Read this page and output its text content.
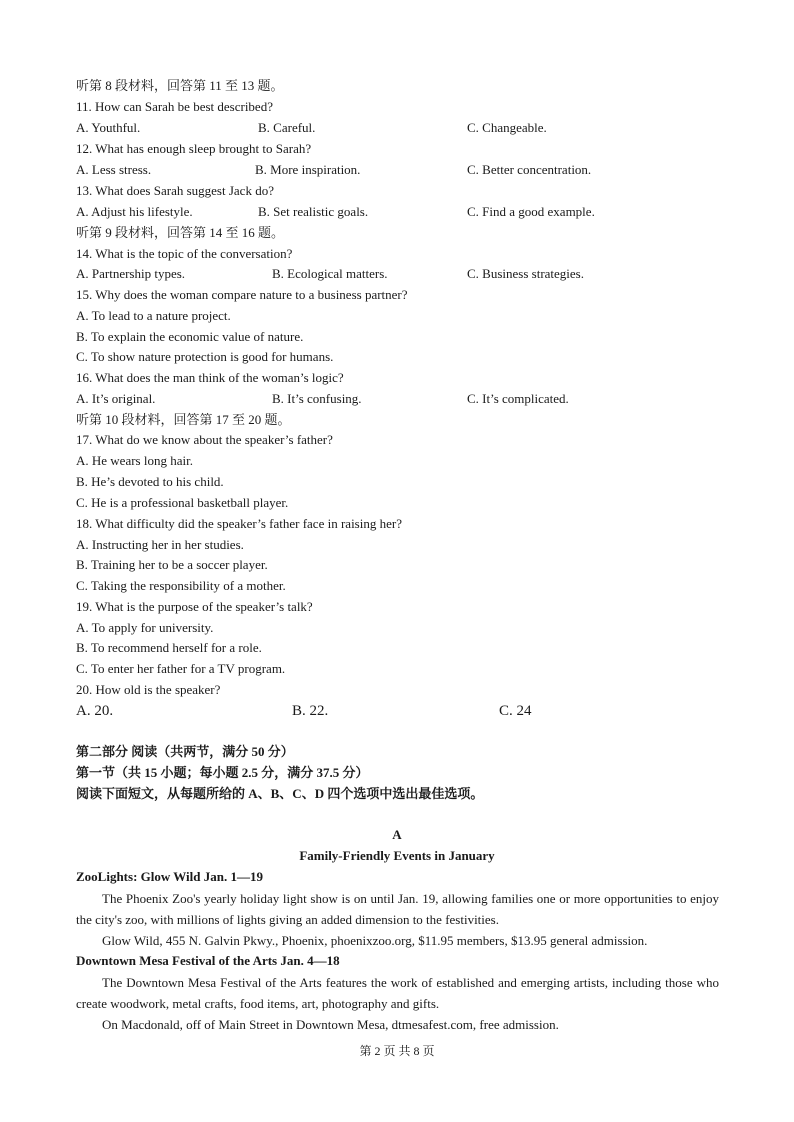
听第 8 段材料，回答第 11 至 13 题。
11. How can Sarah be best described?
A. Youthful.	B. Careful.	C. Changeable.
12. What has enough sleep brought to Sarah?
A. Less stress.	B. More inspiration.	C. Better concentration.
13. What does Sarah suggest Jack do?
A. Adjust his lifestyle.	B. Set realistic goals.	C. Find a good example.
听第 9 段材料，回答第 14 至 16 题。
14. What is the topic of the conversation?
A. Partnership types.	B. Ecological matters.	C. Business strategies.
15. Why does the woman compare nature to a business partner?
A. To lead to a nature project.
B. To explain the economic value of nature.
C. To show nature protection is good for humans.
16. What does the man think of the woman’s logic?
A. It’s original.	B. It’s confusing.	C. It’s complicated.
听第 10 段材料，回答第 17 至 20 题。
17. What do we know about the speaker’s father?
A. He wears long hair.
B. He’s devoted to his child.
C. He is a professional basketball player.
18. What difficulty did the speaker’s father face in raising her?
A. Instructing her in her studies.
B. Training her to be a soccer player.
C. Taking the responsibility of a mother.
19. What is the purpose of the speaker’s talk?
A. To apply for university.
B. To recommend herself for a role.
C. To enter her father for a TV program.
20. How old is the speaker?
A. 20.	B. 22.	C. 24
第二部分 阅读（共两节，满分 50 分）
第一节（共 15 小题；每小题 2.5 分，满分 37.5 分）
阅读下面短文，从每题所给的 A、B、C、D 四个选项中选出最佳选项。
A
Family-Friendly Events in January
ZooLights: Glow Wild Jan. 1—19
The Phoenix Zoo's yearly holiday light show is on until Jan. 19, allowing families one or more opportunities to enjoy the city's zoo, with millions of lights giving an added dimension to the festivities.
Glow Wild, 455 N. Galvin Pkwy., Phoenix, phoenixzoo.org, $11.95 members, $13.95 general admission.
Downtown Mesa Festival of the Arts Jan. 4—18
The Downtown Mesa Festival of the Arts features the work of established and emerging artists, including those who create woodwork, metal crafts, food items, art, photography and gifts.
On Macdonald, off of Main Street in Downtown Mesa, dtmesafest.com, free admission.
第 2 页 共 8 页
